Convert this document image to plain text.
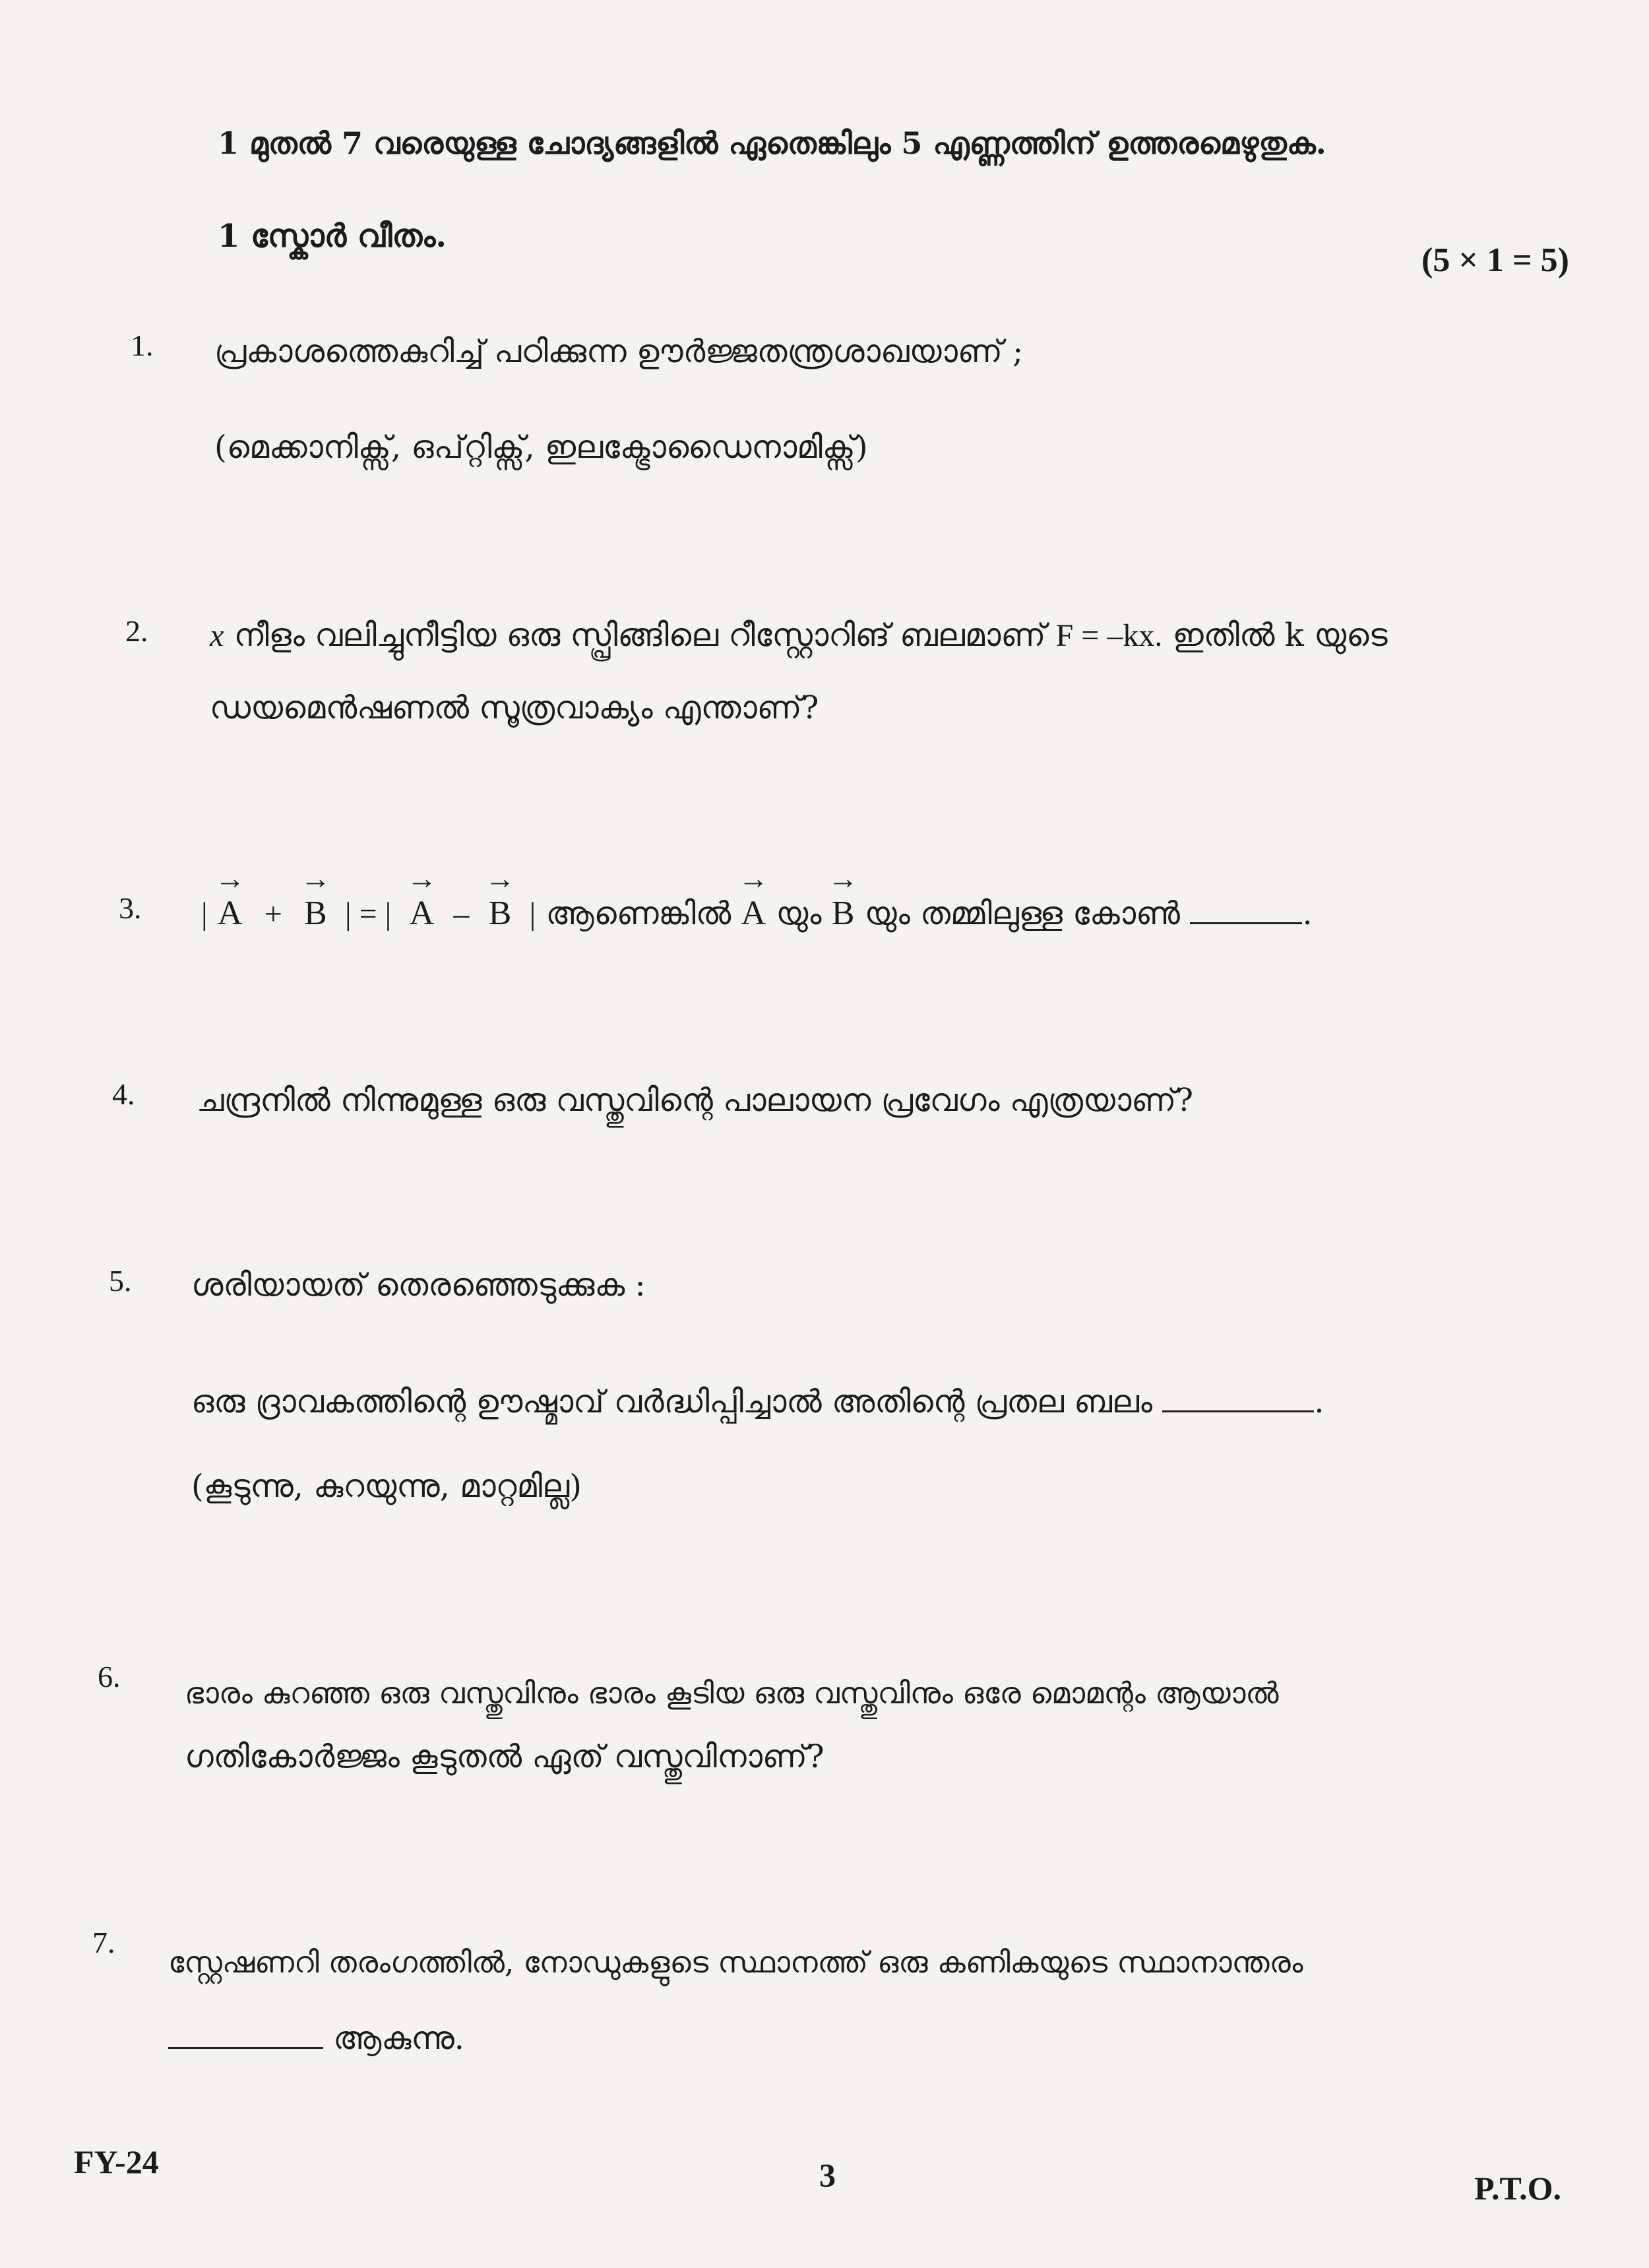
1 മുതൽ 7 വരെയുള്ള ചോദ്യങ്ങളിൽ ഏതെങ്കിലും 5 എണ്ണത്തിന് ഉത്തരമെഴുതുക.
1 സ്കോർ വീതം.
(5 × 1 = 5)
1. പ്രകാശത്തെകുറിച്ച് പഠിക്കുന്ന ഊർജ്ജതന്ത്രശാഖയാണ് ;
(മെക്കാനിക്സ്, ഒപ്റ്റിക്സ്, ഇലക്ട്രോഡൈനാമിക്സ്)
2. x നീളം വലിച്ചുനീട്ടിയ ഒരു സ്പ്രിങ്ങിലെ റീസ്റ്റോറിങ് ബലമാണ് F = –kx. ഇതിൽ k യുടെ
ഡയമെൻഷണൽ സൂത്രവാക്യം എന്താണ്?
3. |
→
A +
→
B | = |
→
A –
→
B | ആണെങ്കിൽ
→
A യും
→
B യും തമ്മിലുള്ള കോൺ	.
4. ചന്ദ്രനിൽ നിന്നുമുള്ള ഒരു വസ്തുവിന്റെ പാലായന പ്രവേഗം എത്രയാണ്?
5. ശരിയായത് തെരഞ്ഞെടുക്കുക :
ഒരു ദ്രാവകത്തിന്റെ ഊഷ്മാവ് വർദ്ധിപ്പിച്ചാൽ അതിന്റെ പ്രതല ബലം	.
(കൂടുന്നു, കുറയുന്നു, മാറ്റമില്ല)
6. ഭാരം കുറഞ്ഞ ഒരു വസ്തുവിനും ഭാരം കൂടിയ ഒരു വസ്തുവിനും ഒരേ മൊമന്റം ആയാൽ
ഗതികോർജ്ജം കൂടുതൽ ഏത് വസ്തുവിനാണ്?
7.
സ്റ്റേഷണറി തരംഗത്തിൽ, നോഡുകളുടെ സ്ഥാനത്ത് ഒരു കണികയുടെ സ്ഥാനാന്തരം
ആകുന്നു.
FY-24	3	P.T.O.
